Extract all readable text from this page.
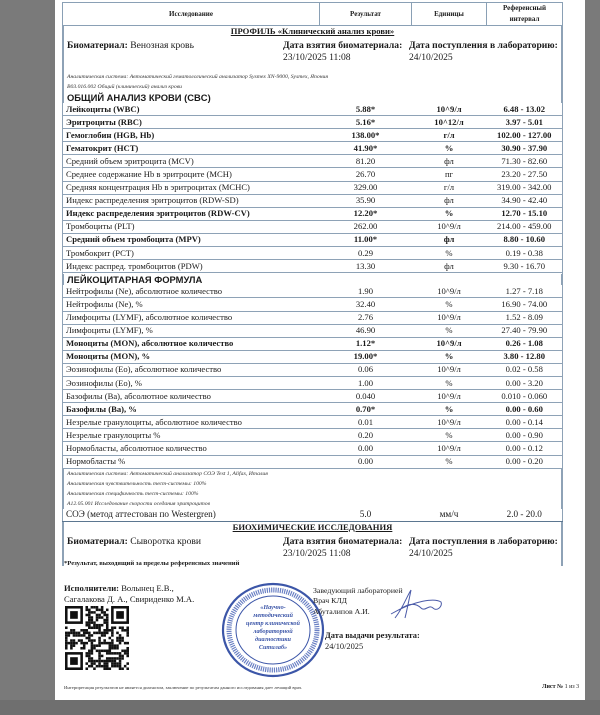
Исследование	Результат	Единицы	Референсный интервал

ПРОФИЛЬ «Клинический анализ крови»
Биоматериал: Венозная кровь	Дата взятия биоматериала:
23/10/2025 11:08
Дата поступления в лабораторию:
24/10/2025
Аналитическая система: Автоматический гематологический анализатор Sysmex XN-9000, Sysmex, Япония
B03.016.002 Общий (клинический) анализ крови
ОБЩИЙ АНАЛИЗ КРОВИ (CBC)

Лейкоциты (WBC)	5.88*	10^9/л	6.48 - 13.02
Эритроциты (RBC)	5.16*	10^12/л	3.97 - 5.01
Гемоглобин (HGB, Hb)	138.00*	г/л	102.00 - 127.00
Гематокрит (HCT)	41.90*	%	30.90 - 37.90
Средний объем эритроцита (MCV)	81.20	фл	71.30 - 82.60
Среднее содержание Hb в эритроците (MCH)	26.70	пг	23.20 - 27.50
Средняя концентрация Hb в эритроцитах (MCHC)	329.00	г/л	319.00 - 342.00
Индекс распределения эритроцитов (RDW-SD)	35.90	фл	34.90 - 42.40
Индекс распределения эритроцитов (RDW-CV)	12.20*	%	12.70 - 15.10
Тромбоциты (PLT)	262.00	10^9/л	214.00 - 459.00
Средний объем тромбоцита (MPV)	11.00*	фл	8.80 - 10.60
Тромбокрит (PCT)	0.29	%	0.19 - 0.38
Индекс распред. тромбоцитов (PDW)	13.30	фл	9.30 - 16.70

ЛЕЙКОЦИТАРНАЯ ФОРМУЛА			

Нейтрофилы (Ne), абсолютное количество	1.90	10^9/л	1.27 - 7.18
Нейтрофилы (Ne), %	32.40	%	16.90 - 74.00
Лимфоциты (LYMF), абсолютное количество	2.76	10^9/л	1.52 - 8.09
Лимфоциты (LYMF), %	46.90	%	27.40 - 79.90
Моноциты (MON), абсолютное количество	1.12*	10^9/л	0.26 - 1.08
Моноциты (MON), %	19.00*	%	3.80 - 12.80
Эозинофилы (Eo), абсолютное количество	0.06	10^9/л	0.02 - 0.58
Эозинофилы (Eo), %	1.00	%	0.00 - 3.20
Базофилы (Ba), абсолютное количество	0.040	10^9/л	0.010 - 0.060
Базофилы (Ba), %	0.70*	%	0.00 - 0.60
Незрелые гранулоциты, абсолютное количество	0.01	10^9/л	0.00 - 0.14
Незрелые гранулоциты %	0.20	%	0.00 - 0.90
Нормобласты, абсолютное количество	0.00	10^9/л	0.00 - 0.12
Нормобласты %	0.00	%	0.00 - 0.20

Аналитическая система: Автоматический анализатор СОЭ Test 1, Alifax, Италия
Аналитическая чувствительность тест-системы: 100%
Аналитическая специфичность тест-системы: 100%
A12.05.001 Исследование скорости оседания эритроцитов			

СОЭ (метод аттестован по Westergren)	5.0	мм/ч	2.0 - 20.0

БИОХИМИЧЕСКИЕ ИССЛЕДОВАНИЯ
Биоматериал: Сыворотка крови	Дата взятия биоматериала:
23/10/2025 11:08
Дата поступления в лабораторию:
24/10/2025
*Результат, выходящий за пределы референсных значений
Исполнители: Волынец Е.В., Сагалакова Д. А., Свириденко М.А.
«Научно-
методический
центр клинической
лабораторной
диагностики
Ситилаб»
Заведующий лабораторией
Врач КЛД
Абуталипов А.И.
Дата выдачи результата:
24/10/2025
Интерпретация результатов не является диагнозом, заключение по результатам данного исследования дает лечащий врач.	Лист № 1 из 3
